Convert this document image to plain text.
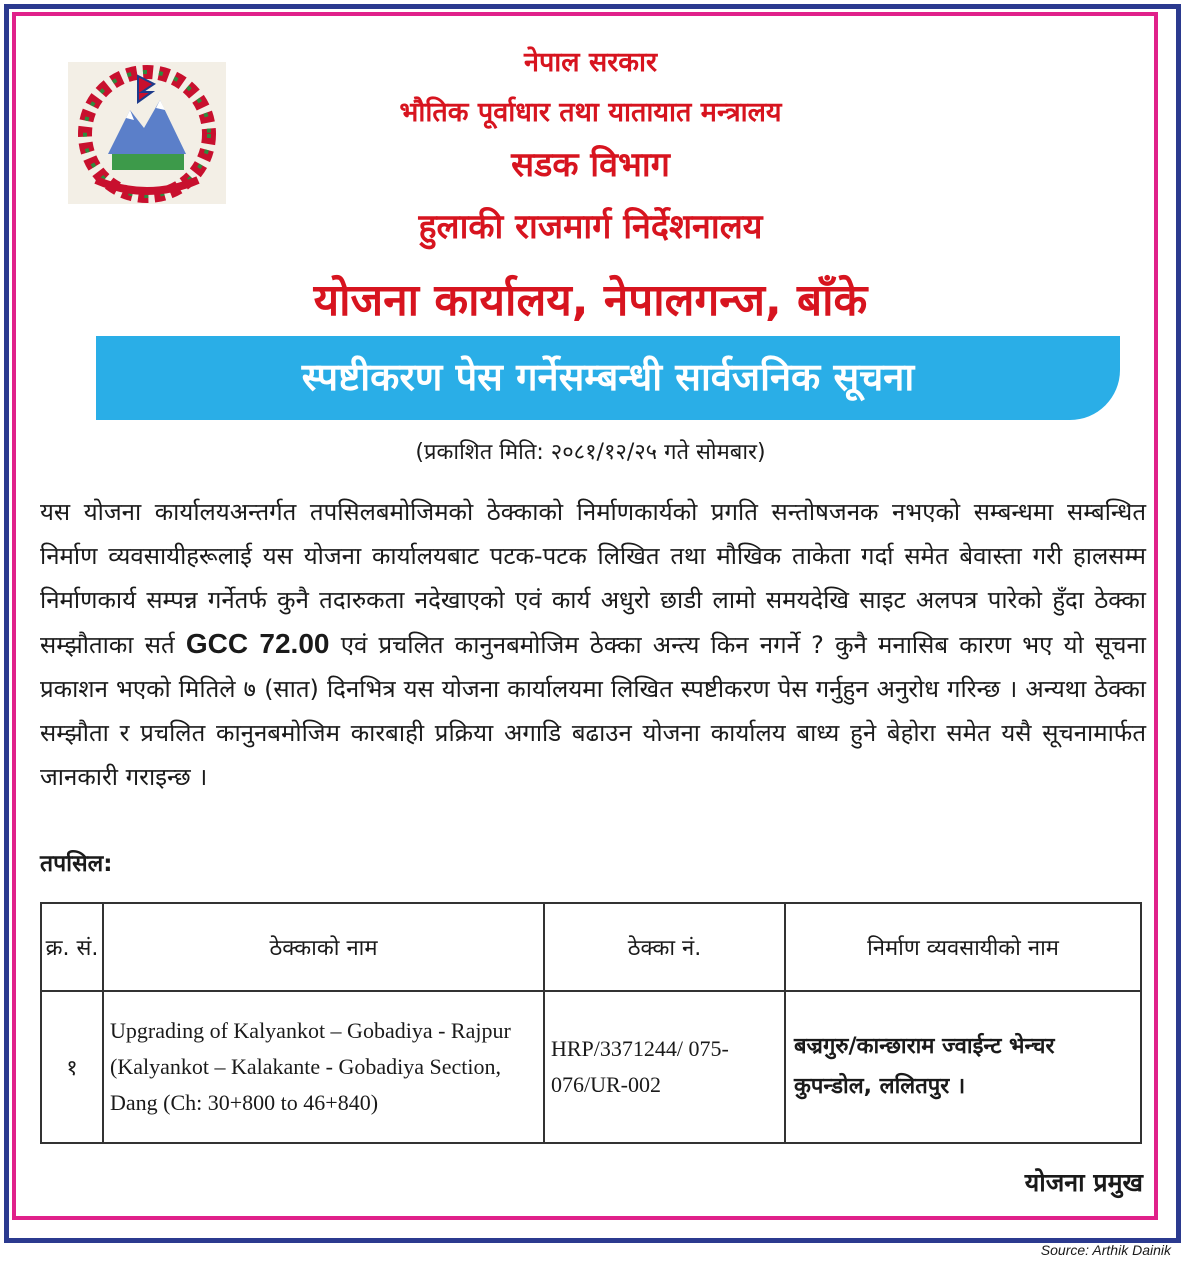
नेपाल सरकार
भौतिक पूर्वाधार तथा यातायात मन्त्रालय
सडक विभाग
हुलाकी राजमार्ग निर्देशनालय
योजना कार्यालय, नेपालगन्ज, बाँके
स्पष्टीकरण पेस गर्नेसम्बन्धी सार्वजनिक सूचना
(प्रकाशित मिति: २०८१/१२/२५ गते सोमबार)
यस योजना कार्यालयअन्तर्गत तपसिलबमोजिमको ठेक्काको निर्माणकार्यको प्रगति सन्तोषजनक नभएको सम्बन्धमा सम्बन्धित निर्माण व्यवसायीहरूलाई यस योजना कार्यालयबाट पटक-पटक लिखित तथा मौखिक ताकेता गर्दा समेत बेवास्ता गरी हालसम्म निर्माणकार्य सम्पन्न गर्नेतर्फ कुनै तदारुकता नदेखाएको एवं कार्य अधुरो छाडी लामो समयदेखि साइट अलपत्र पारेको हुँदा ठेक्का सम्झौताका सर्त GCC 72.00 एवं प्रचलित कानुनबमोजिम ठेक्का अन्त्य किन नगर्ने ? कुनै मनासिब कारण भए यो सूचना प्रकाशन भएको मितिले ७ (सात) दिनभित्र यस योजना कार्यालयमा लिखित स्पष्टीकरण पेस गर्नुहुन अनुरोध गरिन्छ । अन्यथा ठेक्का सम्झौता र प्रचलित कानुनबमोजिम कारबाही प्रक्रिया अगाडि बढाउन योजना कार्यालय बाध्य हुने बेहोरा समेत यसै सूचनामार्फत जानकारी गराइन्छ ।
तपसिल:
क्र. सं.	ठेक्काको नाम	ठेक्का नं.	निर्माण व्यवसायीको नाम
१	Upgrading of Kalyankot – Gobadiya - Rajpur (Kalyankot – Kalakante - Gobadiya Section, Dang (Ch: 30+800 to 46+840)	HRP/3371244/ 075-076/UR-002	बज्रगुरु/कान्छाराम ज्वाईन्ट भेन्चर कुपन्डोल, ललितपुर ।
योजना प्रमुख
Source: Arthik Dainik
